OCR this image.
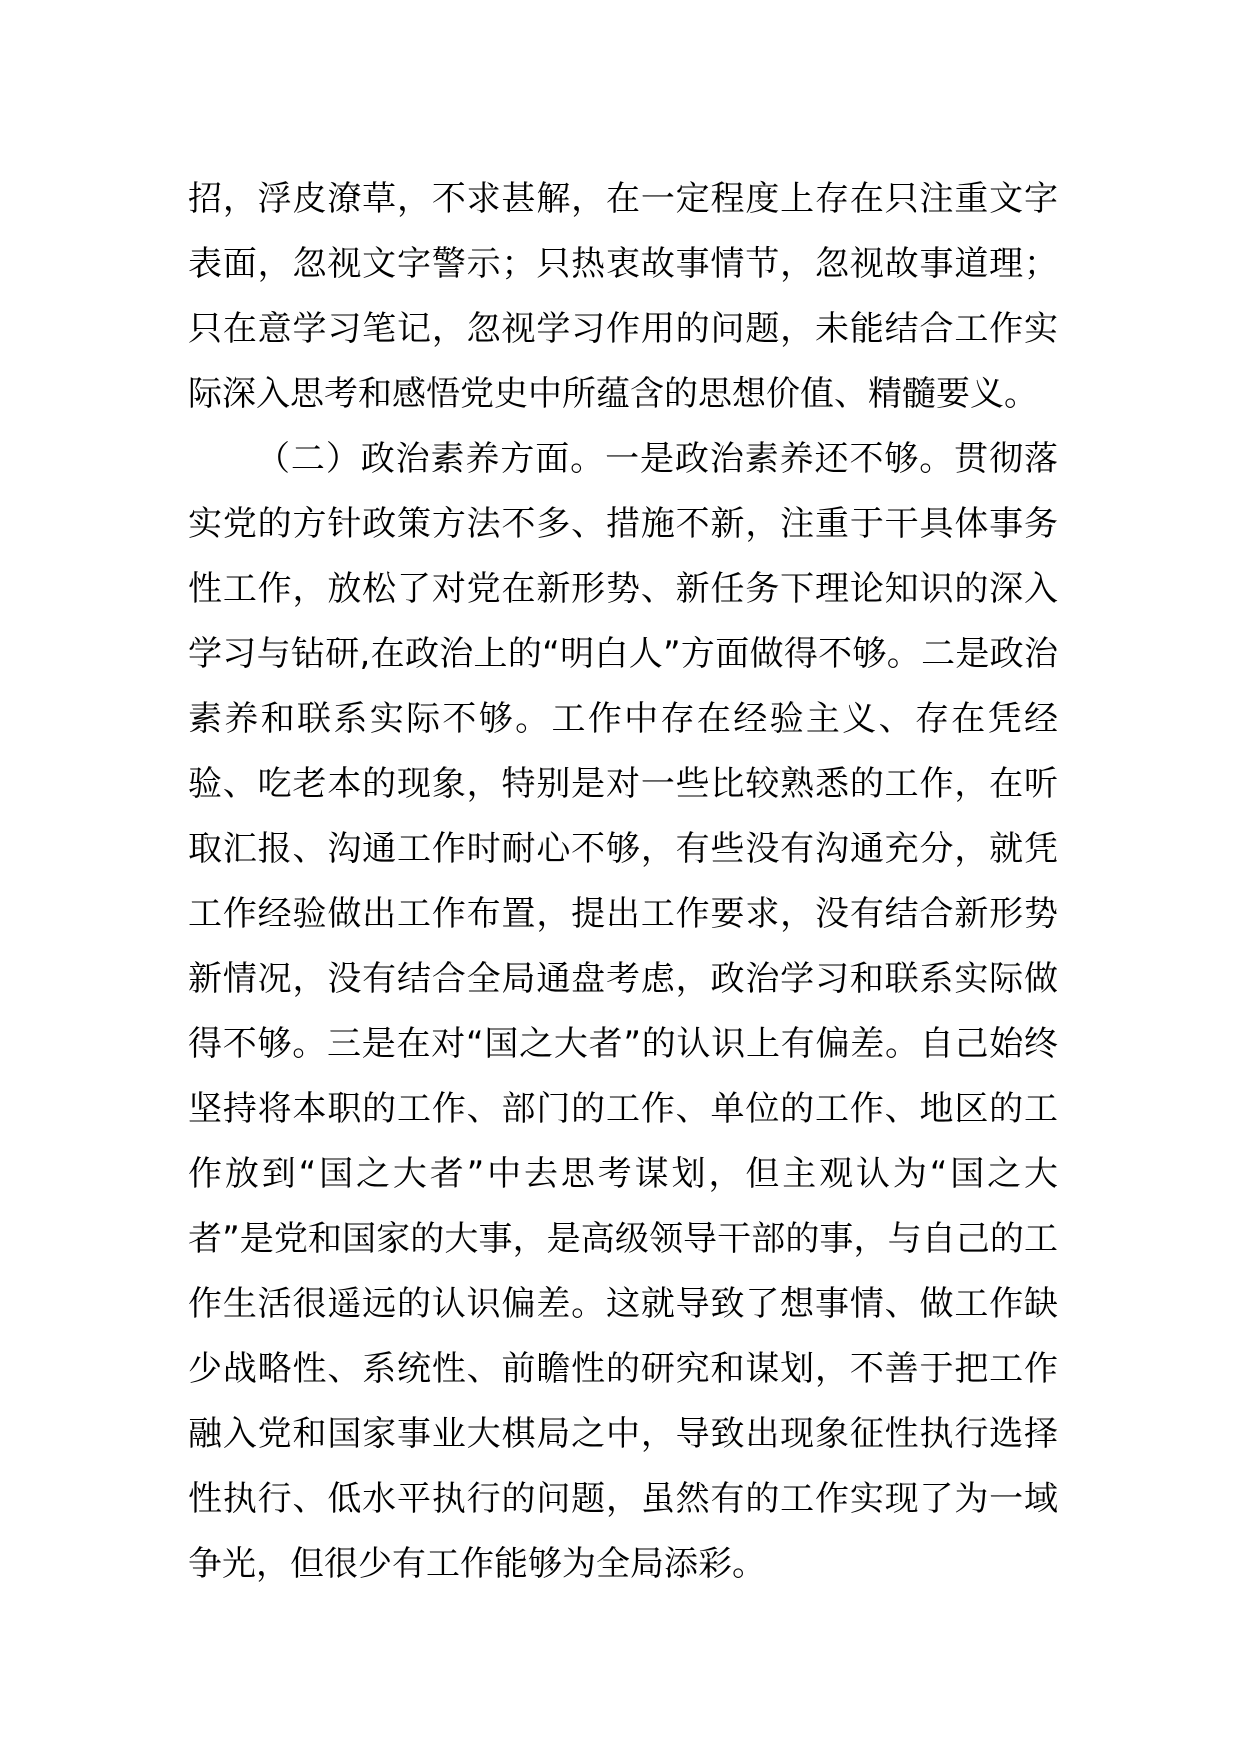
招，浮皮潦草，不求甚解，在一定程度上存在只注重文字表面，忽视文字警示；只热衷故事情节，忽视故事道理；只在意学习笔记，忽视学习作用的问题，未能结合工作实际深入思考和感悟党史中所蕴含的思想价值、精髓要义。

（二）政治素养方面。一是政治素养还不够。贯彻落实党的方针政策方法不多、措施不新，注重于干具体事务性工作，放松了对党在新形势、新任务下理论知识的深入学习与钻研,在政治上的“明白人”方面做得不够。二是政治素养和联系实际不够。工作中存在经验主义、存在凭经验、吃老本的现象，特别是对一些比较熟悉的工作，在听取汇报、沟通工作时耐心不够，有些没有沟通充分，就凭工作经验做出工作布置，提出工作要求，没有结合新形势新情况，没有结合全局通盘考虑，政治学习和联系实际做得不够。三是在对“国之大者”的认识上有偏差。自己始终坚持将本职的工作、部门的工作、单位的工作、地区的工作放到“国之大者”中去思考谋划，但主观认为“国之大者”是党和国家的大事，是高级领导干部的事，与自己的工作生活很遥远的认识偏差。这就导致了想事情、做工作缺少战略性、系统性、前瞻性的研究和谋划，不善于把工作融入党和国家事业大棋局之中，导致出现象征性执行选择性执行、低水平执行的问题，虽然有的工作实现了为一域争光，但很少有工作能够为全局添彩。
